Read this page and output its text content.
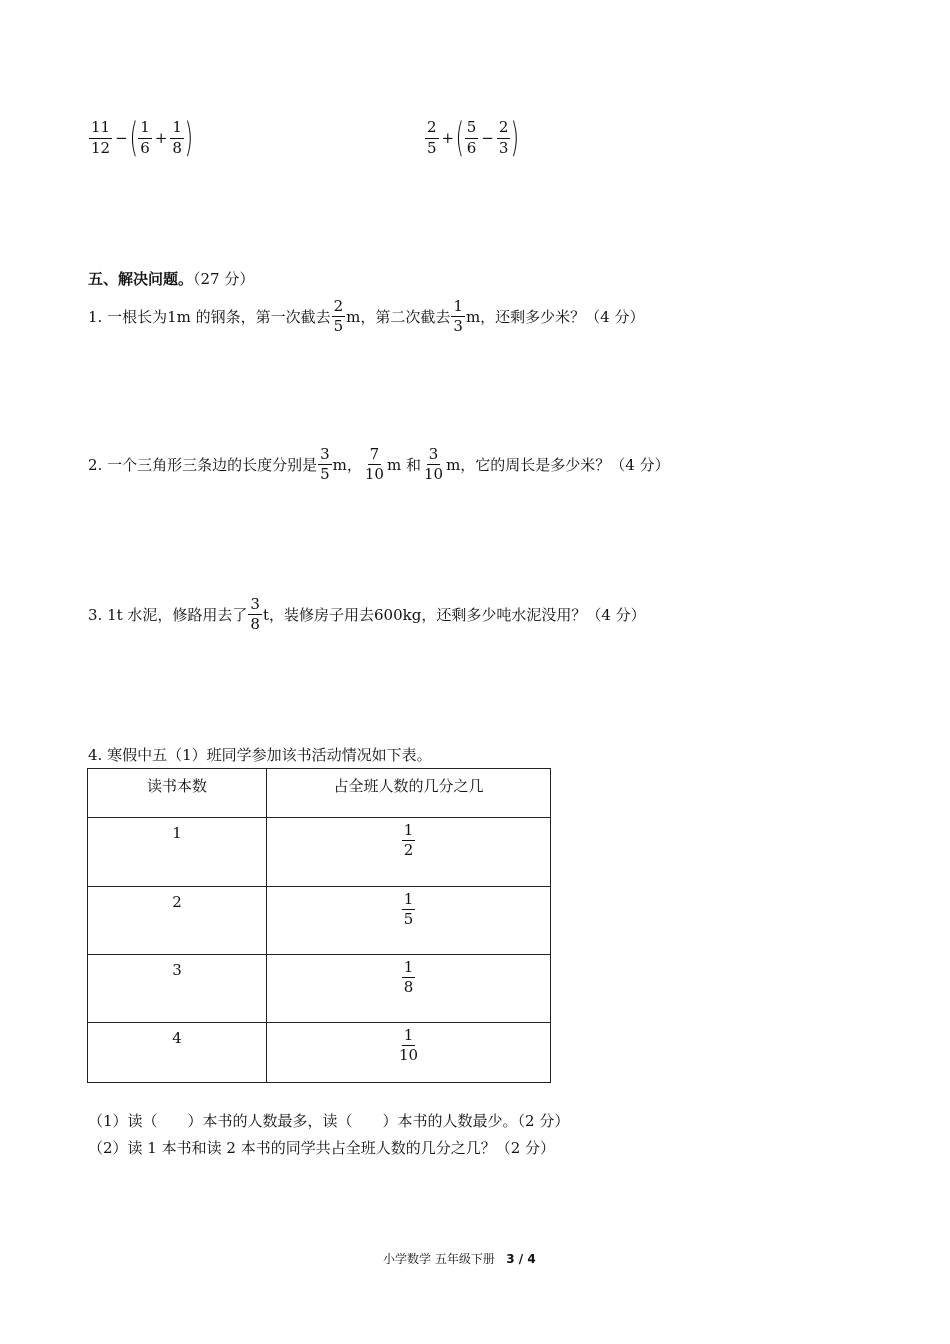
$\frac{11}{12}$ − ( $\frac{1}{6} + \frac{1}{8}$ )	$\frac{2}{5}$ + ( $\frac{5}{6} - \frac{2}{3}$ )
五、解决问题。（27 分）
1. 一根长为1m 的钢条，第一次截去 $\frac{2}{5}$ m，第二次截去 $\frac{1}{3}$ m，还剩多少米？（4 分）
2. 一个三角形三条边的长度分别是 $\frac{3}{5}$ m， $\frac{7}{10}$ m 和 $\frac{3}{10}$ m，它的周长是多少米？（4 分）
3. 1t 水泥，修路用去了 $\frac{3}{8}$ t，装修房子用去600kg，还剩多少吨水泥没用？（4 分）
4. 寒假中五（1）班同学参加该书活动情况如下表。
读书本数	占全班人数的几分之几
1	$\frac{1}{2}$

2	$\frac{1}{5}$

3	$\frac{1}{8}$

4	$\frac{1}{10}$
（1）读（　　）本书的人数最多，读（　　）本书的人数最少。（2 分）
（2）读 1 本书和读 2 本书的同学共占全班人数的几分之几？（2 分）
小学数学 五年级下册 3 / 4
